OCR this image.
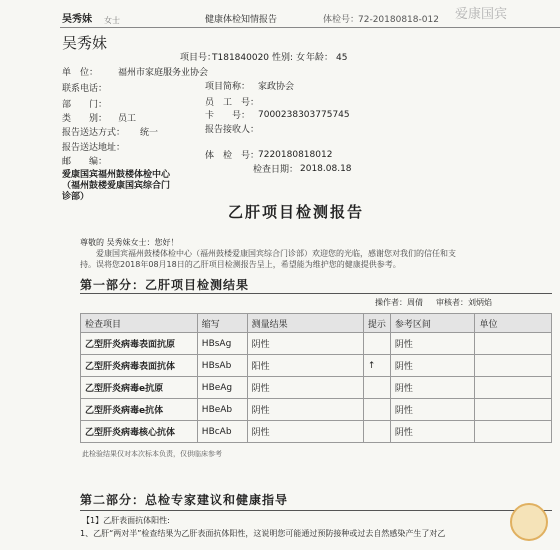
吴秀妹 女士	健康体检知情报告	体检号：
72-20180818-012 爱康国宾
吴秀妹
项目号：
T181840020 性别: 女 年龄： 45
单　位： 福州市家庭服务业协会
联系电话：	项目简称： 家政协会
部　　门：	员　工　号：
类　　别： 员工	卡　　号： 7000238303775745
报告送达方式： 统一	报告接收人：
报告送达地址：
邮　　编：
体　检　号：
7220180818012
爱康国宾福州鼓楼体检中心
（福州鼓楼爱康国宾综合门
诊部）
检查日期： 2018.08.18
乙肝项目检测报告
尊敬的 吴秀妹女士：您好！
爱康国宾福州鼓楼体检中心（福州鼓楼爱康国宾综合门诊部）欢迎您的光临，感谢您对我们的信任和支
持。误将您2018年08月18日的乙肝项目检测报告呈上，希望能为维护您的健康提供参考。
第一部分：乙肝项目检测结果
操作者： 周倩 审核者： 刘炳焰
检查项目	缩写	测量结果	提示	参考区间	单位
乙型肝炎病毒表面抗原	HBsAg	阴性		阴性	
乙型肝炎病毒表面抗体	HBsAb	阳性	↑	阴性	
乙型肝炎病毒e抗原	HBeAg	阴性		阴性	
乙型肝炎病毒e抗体	HBeAb	阴性		阴性	
乙型肝炎病毒核心抗体	HBcAb	阴性		阴性	
此检验结果仅对本次标本负责，仅供临床参考
第二部分：总检专家建议和健康指导
【1】乙肝表面抗体阳性:
1、乙肝“两对半”检查结果为乙肝表面抗体阳性，这说明您可能通过预防接种或过去自然感染产生了对乙
